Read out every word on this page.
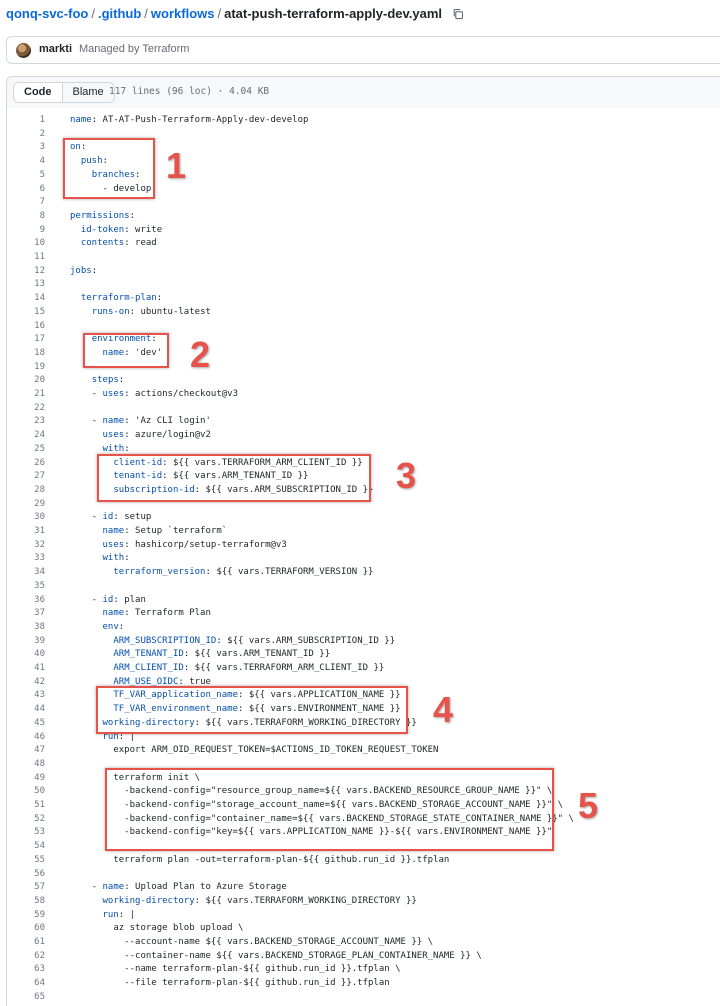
qonq-svc-foo / .github / workflows / atat-push-terraform-apply-dev.yaml
markti Managed by Terraform
Code	Blame 117 lines (96 loc) · 4.04 KB
1	name: AT-AT-Push-Terraform-Apply-dev-develop
2
3	on:
4	push:
5	branches:
6	- develop
7
8	permissions:
9	id-token: write
10	contents: read
11
12	jobs:
13
14	terraform-plan:
15	runs-on: ubuntu-latest
16
17	environment:
18	name: 'dev'
19
20	steps:
21	- uses: actions/checkout@v3
22
23	- name: 'Az CLI login'
24	uses: azure/login@v2
25	with:
26	client-id: ${{ vars.TERRAFORM_ARM_CLIENT_ID }}
27	tenant-id: ${{ vars.ARM_TENANT_ID }}
28	subscription-id: ${{ vars.ARM_SUBSCRIPTION_ID }}
29
30	- id: setup
31	name: Setup `terraform`
32	uses: hashicorp/setup-terraform@v3
33	with:
34	terraform_version: ${{ vars.TERRAFORM_VERSION }}
35
36	- id: plan
37	name: Terraform Plan
38	env:
39	ARM_SUBSCRIPTION_ID: ${{ vars.ARM_SUBSCRIPTION_ID }}
40	ARM_TENANT_ID: ${{ vars.ARM_TENANT_ID }}
41	ARM_CLIENT_ID: ${{ vars.TERRAFORM_ARM_CLIENT_ID }}
42	ARM_USE_OIDC: true
43	TF_VAR_application_name: ${{ vars.APPLICATION_NAME }}
44	TF_VAR_environment_name: ${{ vars.ENVIRONMENT_NAME }}
45	working-directory: ${{ vars.TERRAFORM_WORKING_DIRECTORY }}
46	run: |
47	export ARM_OID_REQUEST_TOKEN=$ACTIONS_ID_TOKEN_REQUEST_TOKEN
48
49	terraform init \
50	-backend-config="resource_group_name=${{ vars.BACKEND_RESOURCE_GROUP_NAME }}" \
51	-backend-config="storage_account_name=${{ vars.BACKEND_STORAGE_ACCOUNT_NAME }}" \
52	-backend-config="container_name=${{ vars.BACKEND_STORAGE_STATE_CONTAINER_NAME }}" \
53	-backend-config="key=${{ vars.APPLICATION_NAME }}-${{ vars.ENVIRONMENT_NAME }}"
54
55	terraform plan -out=terraform-plan-${{ github.run_id }}.tfplan
56
57	- name: Upload Plan to Azure Storage
58	working-directory: ${{ vars.TERRAFORM_WORKING_DIRECTORY }}
59	run: |
60	az storage blob upload \
61	--account-name ${{ vars.BACKEND_STORAGE_ACCOUNT_NAME }} \
62	--container-name ${{ vars.BACKEND_STORAGE_PLAN_CONTAINER_NAME }} \
63	--name terraform-plan-${{ github.run_id }}.tfplan \
64	--file terraform-plan-${{ github.run_id }}.tfplan
65
1
2
3
4
5
